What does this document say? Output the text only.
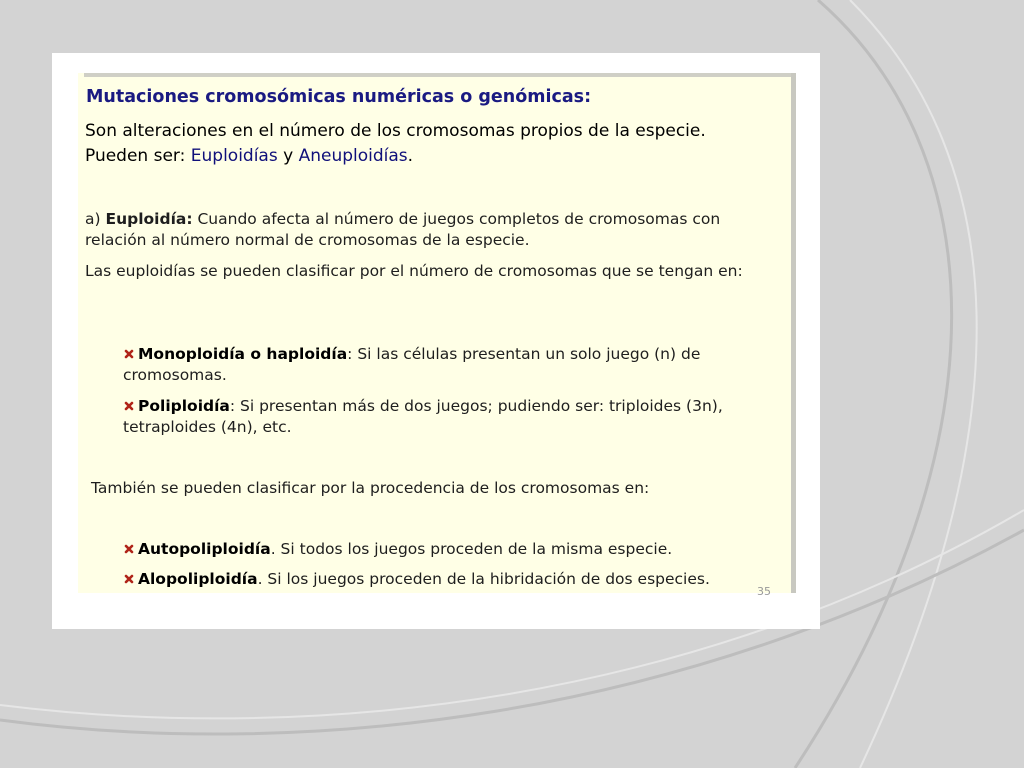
Mutaciones cromosómicas numéricas o genómicas:

Son alteraciones en el número de los cromosomas propios de la especie. Pueden ser: Euploidías y Aneuploidías.

a) Euploidía: Cuando afecta al número de juegos completos de cromosomas con relación al número normal de cromosomas de la especie.

Las euploidías se pueden clasificar por el número de cromosomas que se tengan en:

Monoploidía o haploidía: Si las células presentan un solo juego (n) de cromosomas.

Poliploidía: Si presentan más de dos juegos; pudiendo ser: triploides (3n), tetraploides (4n), etc.

También se pueden clasificar por la procedencia de los cromosomas en:

Autopoliploidía. Si todos los juegos proceden de la misma especie.

Alopoliploidía. Si los juegos proceden de la hibridación de dos especies.

35
